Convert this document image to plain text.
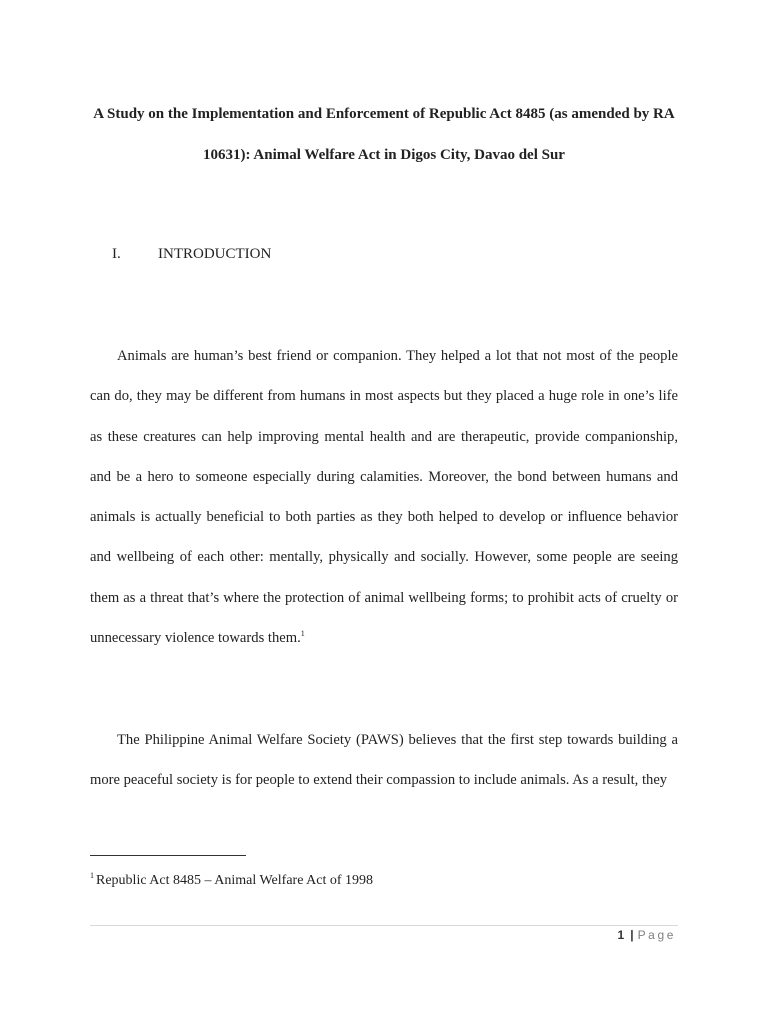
A Study on the Implementation and Enforcement of Republic Act 8485 (as amended by RA
10631): Animal Welfare Act in Digos City, Davao del Sur
I. INTRODUCTION

Animals are human’s best friend or companion. They helped a lot that not most of the people can do, they may be different from humans in most aspects but they placed a huge role in one’s life as these creatures can help improving mental health and are therapeutic, provide companionship, and be a hero to someone especially during calamities. Moreover, the bond between humans and animals is actually beneficial to both parties as they both helped to develop or influence behavior and wellbeing of each other: mentally, physically and socially. However, some people are seeing them as a threat that’s where the protection of animal wellbeing forms; to prohibit acts of cruelty or unnecessary violence towards them.$^1$

The Philippine Animal Welfare Society (PAWS) believes that the first step towards building a more peaceful society is for people to extend their compassion to include animals. As a result, they

$^1$ Republic Act 8485 – Animal Welfare Act of 1998

1 | Page
